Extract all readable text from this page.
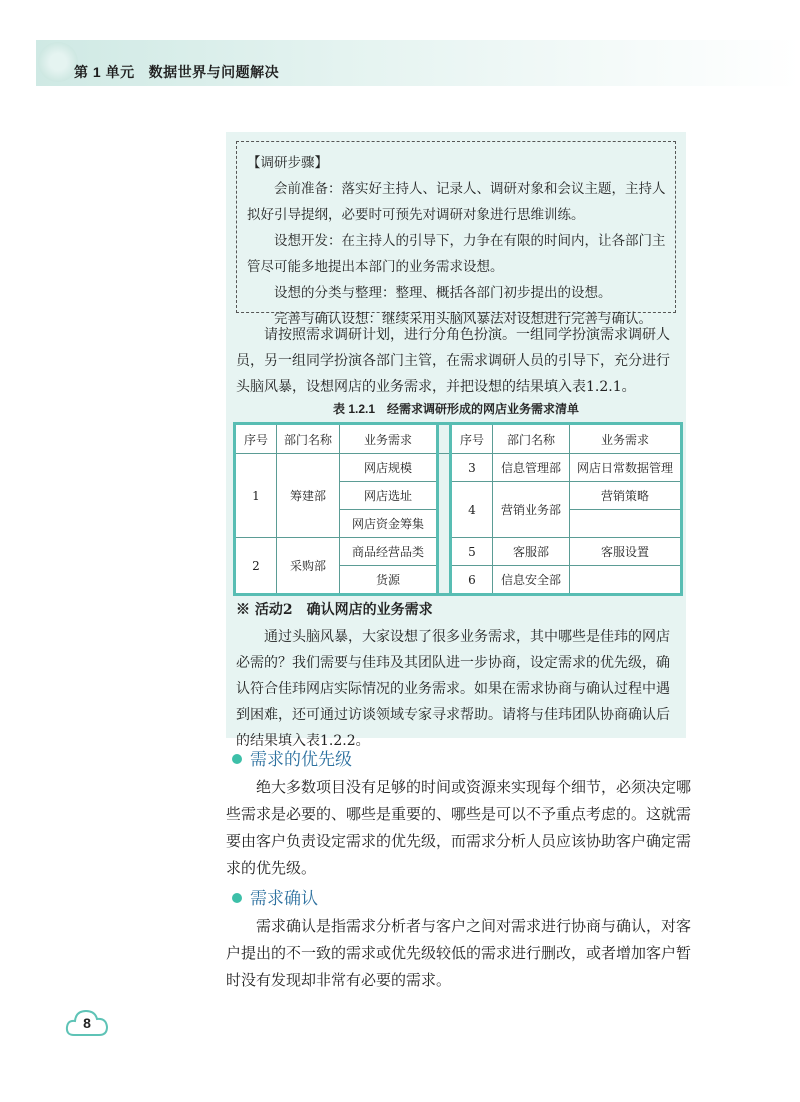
第 1 单元 数据世界与问题解决

【调研步骤】

会前准备：落实好主持人、记录人、调研对象和会议主题，主持人拟好引导提纲，必要时可预先对调研对象进行思维训练。

设想开发：在主持人的引导下，力争在有限的时间内，让各部门主管尽可能多地提出本部门的业务需求设想。

设想的分类与整理：整理、概括各部门初步提出的设想。

完善与确认设想：继续采用头脑风暴法对设想进行完善与确认。

请按照需求调研计划，进行分角色扮演。一组同学扮演需求调研人员，另一组同学扮演各部门主管，在需求调研人员的引导下，充分进行头脑风暴，设想网店的业务需求，并把设想的结果填入表1.2.1。

表 1.2.1　经需求调研形成的网店业务需求清单
序号	部门名称	业务需求		序号	部门名称	业务需求
1	筹建部	网店规模		3	信息管理部	网店日常数据管理
		网店选址		4	营销业务部	营销策略
		网店资金筹集				
2	采购部	商品经营品类		5	客服部	客服设置
		货源		6	信息安全部	
※ 活动2　确认网店的业务需求

通过头脑风暴，大家设想了很多业务需求，其中哪些是佳玮的网店必需的？我们需要与佳玮及其团队进一步协商，设定需求的优先级，确认符合佳玮网店实际情况的业务需求。如果在需求协商与确认过程中遇到困难，还可通过访谈领域专家寻求帮助。请将与佳玮团队协商确认后的结果填入表1.2.2。

需求的优先级

绝大多数项目没有足够的时间或资源来实现每个细节，必须决定哪些需求是必要的、哪些是重要的、哪些是可以不予重点考虑的。这就需要由客户负责设定需求的优先级，而需求分析人员应该协助客户确定需求的优先级。

需求确认

需求确认是指需求分析者与客户之间对需求进行协商与确认，对客户提出的不一致的需求或优先级较低的需求进行删改，或者增加客户暂时没有发现却非常有必要的需求。

8
